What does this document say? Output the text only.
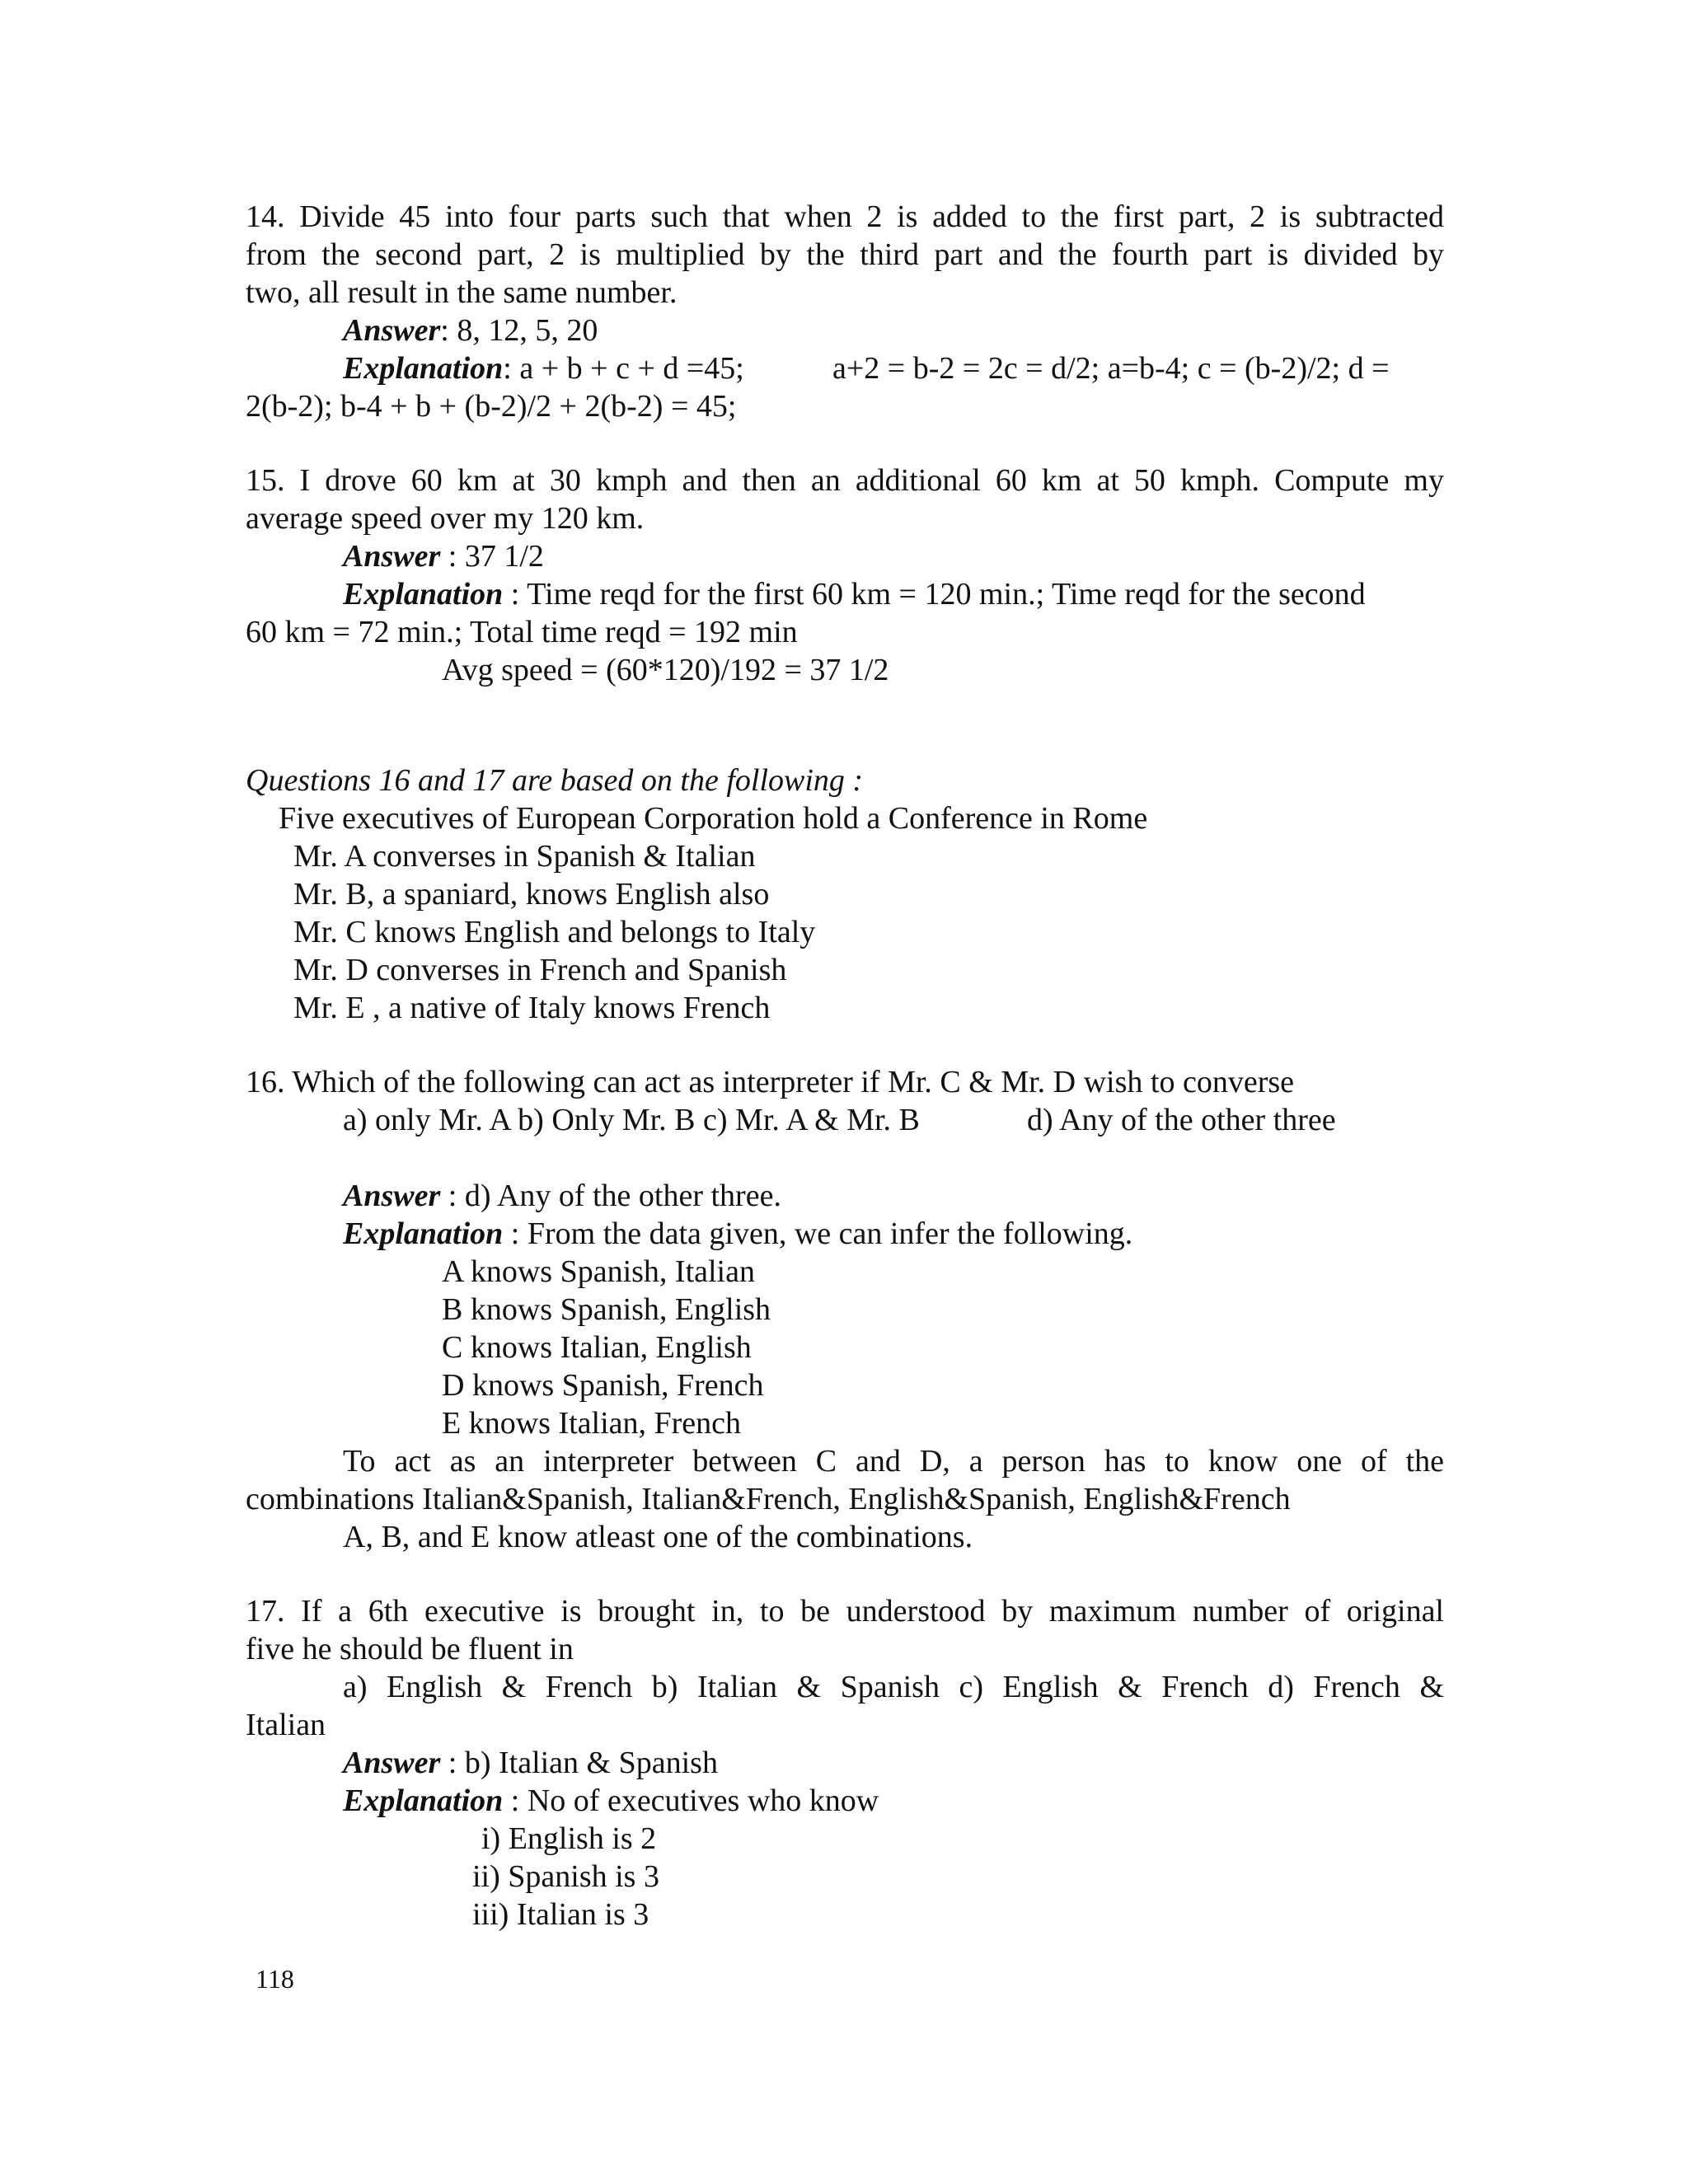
14. Divide 45 into four parts such that when 2 is added to the first part, 2 is subtracted
from the second part, 2 is multiplied by the third part and the fourth part is divided by
two, all result in the same number.
Answer: 8, 12, 5, 20
Explanation: a + b + c + d =45;	a+2 = b-2 = 2c = d/2; a=b-4; c = (b-2)/2; d =
2(b-2); b-4 + b + (b-2)/2 + 2(b-2) = 45;
15. I drove 60 km at 30 kmph and then an additional 60 km at 50 kmph. Compute my
average speed over my 120 km.
Answer : 37 1/2
Explanation : Time reqd for the first 60 km = 120 min.; Time reqd for the second
60 km = 72 min.; Total time reqd = 192 min
Avg speed = (60*120)/192 = 37 1/2
Questions 16 and 17 are based on the following :
Five executives of European Corporation hold a Conference in Rome
Mr. A converses in Spanish & Italian
Mr. B, a spaniard, knows English also
Mr. C knows English and belongs to Italy
Mr. D converses in French and Spanish
Mr. E , a native of Italy knows French
16. Which of the following can act as interpreter if Mr. C & Mr. D wish to converse
a) only Mr. A b) Only Mr. B c) Mr. A & Mr. B	d) Any of the other three
Answer : d) Any of the other three.
Explanation : From the data given, we can infer the following.
A knows Spanish, Italian
B knows Spanish, English
C knows Italian, English
D knows Spanish, French
E knows Italian, French
To act as an interpreter between C and D, a person has to know one of the
combinations Italian&Spanish, Italian&French, English&Spanish, English&French
A, B, and E know atleast one of the combinations.
17. If a 6th executive is brought in, to be understood by maximum number of original
five he should be fluent in
a) English & French b) Italian & Spanish c) English & French d) French &
Italian
Answer : b) Italian & Spanish
Explanation : No of executives who know
i) English is 2
ii) Spanish is 3
iii) Italian is 3
118
